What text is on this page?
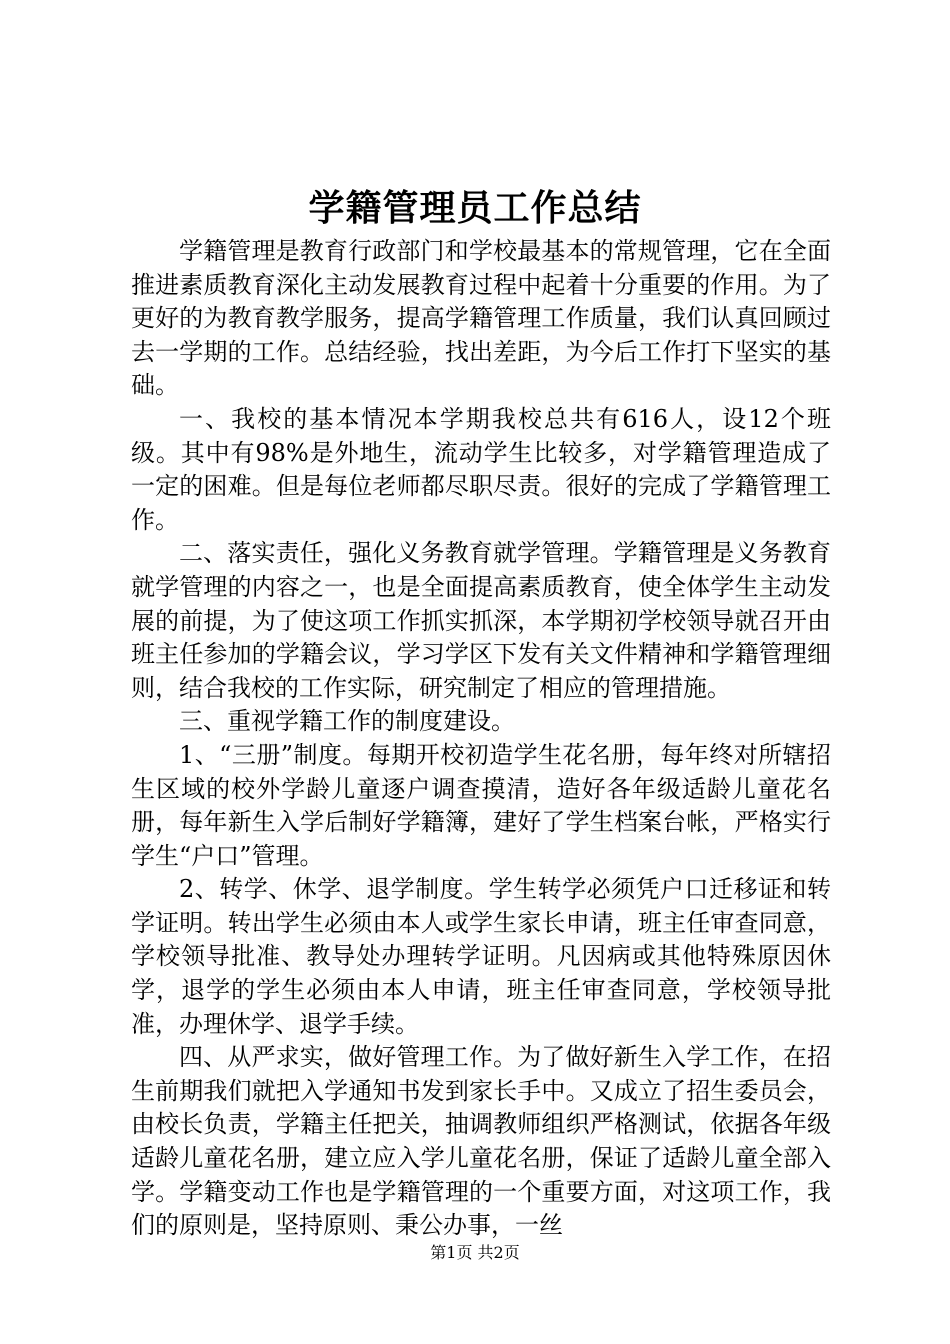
学籍管理员工作总结

学籍管理是教育行政部门和学校最基本的常规管理，它在全面推进素质教育深化主动发展教育过程中起着十分重要的作用。为了更好的为教育教学服务，提高学籍管理工作质量，我们认真回顾过去一学期的工作。总结经验，找出差距，为今后工作打下坚实的基础。

一、我校的基本情况本学期我校总共有616人，设12个班级。其中有98%是外地生，流动学生比较多，对学籍管理造成了一定的困难。但是每位老师都尽职尽责。很好的完成了学籍管理工作。

二、落实责任，强化义务教育就学管理。学籍管理是义务教育就学管理的内容之一，也是全面提高素质教育，使全体学生主动发展的前提，为了使这项工作抓实抓深，本学期初学校领导就召开由班主任参加的学籍会议，学习学区下发有关文件精神和学籍管理细则，结合我校的工作实际，研究制定了相应的管理措施。

三、重视学籍工作的制度建设。

1、“三册”制度。每期开校初造学生花名册，每年终对所辖招生区域的校外学龄儿童逐户调查摸清，造好各年级适龄儿童花名册，每年新生入学后制好学籍簿，建好了学生档案台帐，严格实行学生“户口”管理。

2、转学、休学、退学制度。学生转学必须凭户口迁移证和转学证明。转出学生必须由本人或学生家长申请，班主任审查同意，学校领导批准、教导处办理转学证明。凡因病或其他特殊原因休学，退学的学生必须由本人申请，班主任审查同意，学校领导批准，办理休学、退学手续。

四、从严求实，做好管理工作。为了做好新生入学工作，在招生前期我们就把入学通知书发到家长手中。又成立了招生委员会，由校长负责，学籍主任把关，抽调教师组织严格测试，依据各年级适龄儿童花名册，建立应入学儿童花名册，保证了适龄儿童全部入学。学籍变动工作也是学籍管理的一个重要方面，对这项工作，我们的原则是，坚持原则、秉公办事，一丝

第1页 共2页
